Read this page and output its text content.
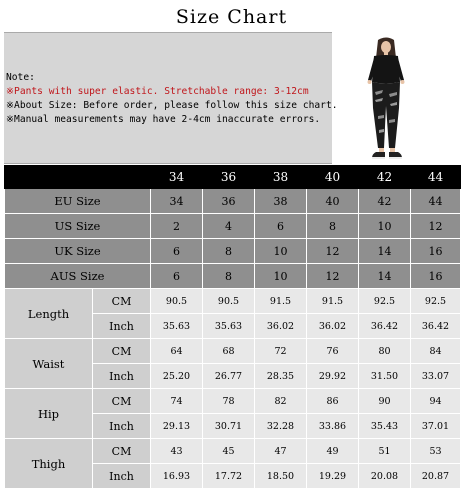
Size Chart
Note:
※Pants with super elastic. Stretchable range: 3-12cm
※About Size: Before order, please follow this size chart.
※Manual measurements may have 2-4cm inaccurate errors.
		34	36	38	40	42	44
EU Size		34	36	38	40	42	44
US Size		2	4	6	8	10	12
UK Size		6	8	10	12	14	16
AUS Size		6	8	10	12	14	16
Length	CM	90.5	90.5	91.5	91.5	92.5	92.5
	Inch	35.63	35.63	36.02	36.02	36.42	36.42
Waist	CM	64	68	72	76	80	84
	Inch	25.20	26.77	28.35	29.92	31.50	33.07
Hip	CM	74	78	82	86	90	94
	Inch	29.13	30.71	32.28	33.86	35.43	37.01
Thigh	CM	43	45	47	49	51	53
	Inch	16.93	17.72	18.50	19.29	20.08	20.87
